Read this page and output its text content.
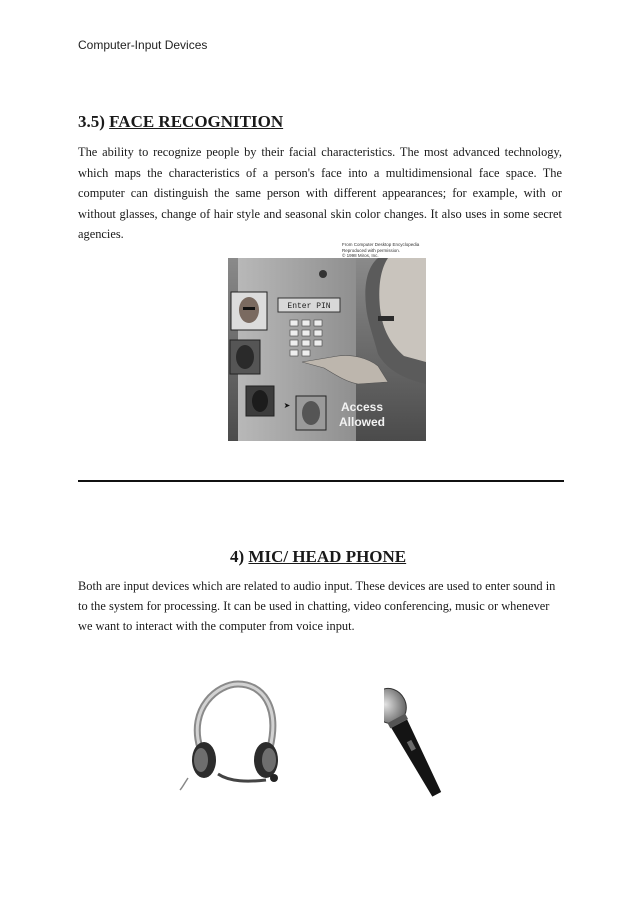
Computer-Input Devices
3.5) FACE RECOGNITION
The ability to recognize people by their facial characteristics. The most advanced technology, which maps the characteristics of a person's face into a multidimensional face space. The computer can distinguish the same person with different appearances; for example, with or without glasses, change of hair style and seasonal skin color changes. It also uses in some secret agencies.
From Computer Desktop Encyclopedia
Reproduced with permission.
© 1998 Miros, Inc.
Enter PIN
➤	Access
Allowed
4) MIC/ HEAD PHONE
Both are input devices which are related to audio input. These devices are used to enter sound in to the system for processing. It can be used in chatting, video conferencing, music or whenever we want to interact with the computer from voice input.
